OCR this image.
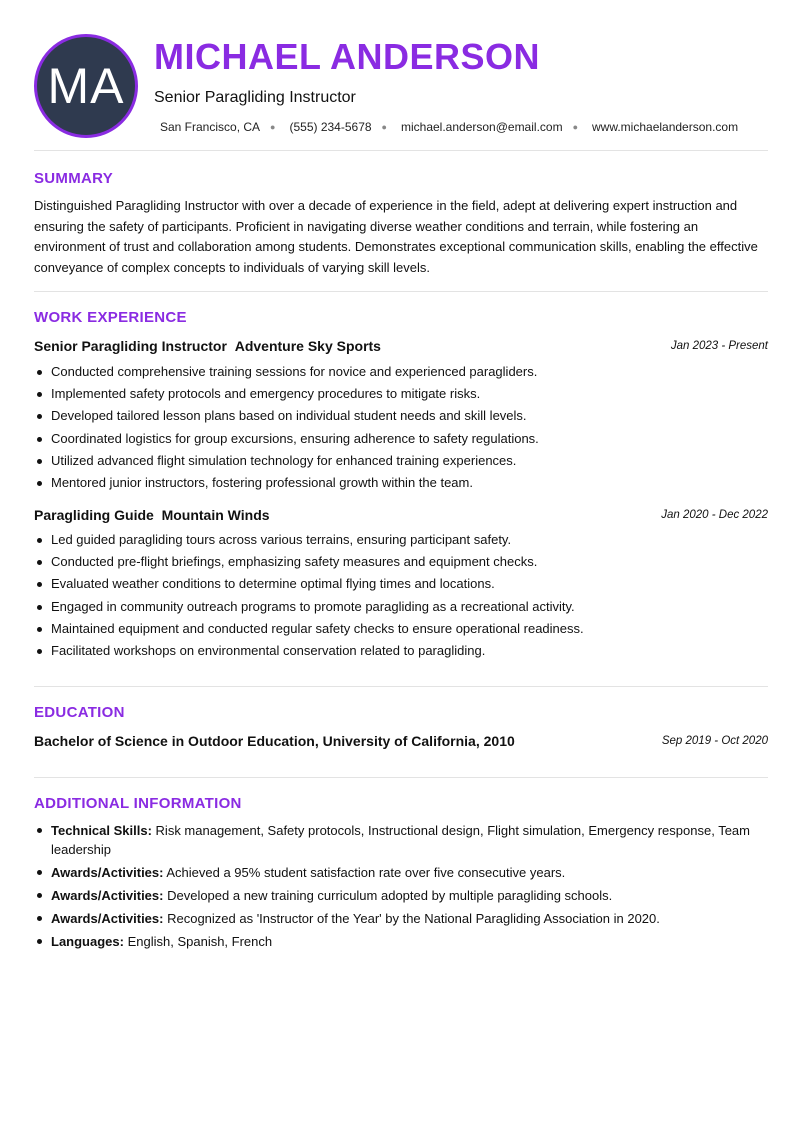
MA
MICHAEL ANDERSON
Senior Paragliding Instructor
San Francisco, CA ● (555) 234-5678 ● michael.anderson@email.com ● www.michaelanderson.com
SUMMARY

Distinguished Paragliding Instructor with over a decade of experience in the field, adept at delivering expert instruction and ensuring the safety of participants. Proficient in navigating diverse weather conditions and terrain, while fostering an environment of trust and collaboration among students. Demonstrates exceptional communication skills, enabling the effective conveyance of complex concepts to individuals of varying skill levels.

WORK EXPERIENCE
Senior Paragliding Instructor Adventure Sky Sports	Jan 2023 - Present
Conducted comprehensive training sessions for novice and experienced paragliders.
Implemented safety protocols and emergency procedures to mitigate risks.
Developed tailored lesson plans based on individual student needs and skill levels.
Coordinated logistics for group excursions, ensuring adherence to safety regulations.
Utilized advanced flight simulation technology for enhanced training experiences.
Mentored junior instructors, fostering professional growth within the team.
Paragliding Guide Mountain Winds	Jan 2020 - Dec 2022
Led guided paragliding tours across various terrains, ensuring participant safety.
Conducted pre-flight briefings, emphasizing safety measures and equipment checks.
Evaluated weather conditions to determine optimal flying times and locations.
Engaged in community outreach programs to promote paragliding as a recreational activity.
Maintained equipment and conducted regular safety checks to ensure operational readiness.
Facilitated workshops on environmental conservation related to paragliding.
EDUCATION
Bachelor of Science in Outdoor Education, University of California, 2010	Sep 2019 - Oct 2020
ADDITIONAL INFORMATION
Technical Skills: Risk management, Safety protocols, Instructional design, Flight simulation, Emergency response, Team leadership
Awards/Activities: Achieved a 95% student satisfaction rate over five consecutive years.
Awards/Activities: Developed a new training curriculum adopted by multiple paragliding schools.
Awards/Activities: Recognized as 'Instructor of the Year' by the National Paragliding Association in 2020.
Languages: English, Spanish, French
